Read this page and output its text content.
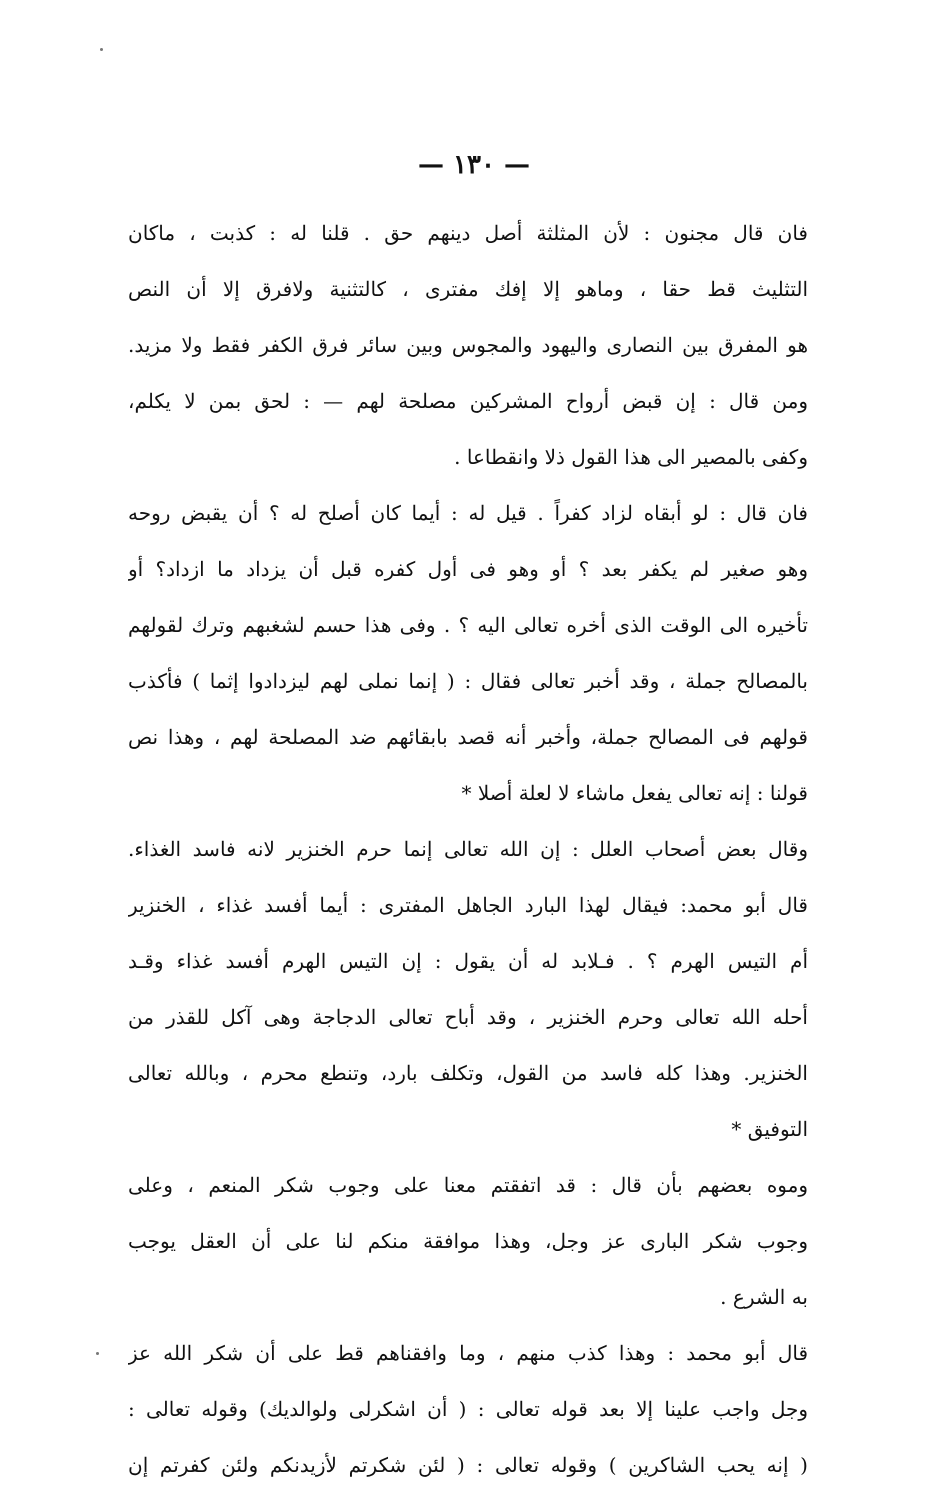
— ١٣٠ —
فان قال مجنون : لأن المثلثة أصل دينهم حق . قلنا له : كذبت ، ماكان
التثليث قط حقا ، وماهو إلا إفك مفترى ، كالتثنية ولافرق إلا أن النص
هو المفرق بين النصارى واليهود والمجوس وبين سائر فرق الكفر فقط ولا مزيد.
ومن قال : إن قبض أرواح المشركين مصلحة لهم — : لحق بمن لا يكلم،
وكفى بالمصير الى هذا القول ذلا وانقطاعا .
فان قال : لو أبقاه لزاد كفراً . قيل له : أيما كان أصلح له ؟ أن يقبض روحه
وهو صغير لم يكفر بعد ؟ أو وهو فى أول كفره قبل أن يزداد ما ازداد؟ أو
تأخيره الى الوقت الذى أخره تعالى اليه ؟ . وفى هذا حسم لشغبهم وترك لقولهم
بالمصالح جملة ، وقد أخبر تعالى فقال : ( إنما نملى لهم ليزدادوا إثما ) فأكذب
قولهم فى المصالح جملة، وأخبر أنه قصد بابقائهم ضد المصلحة لهم ، وهذا نص
قولنا : إنه تعالى يفعل ماشاء لا لعلة أصلا *
وقال بعض أصحاب العلل : إن الله تعالى إنما حرم الخنزير لانه فاسد الغذاء.
قال أبو محمد: فيقال لهذا البارد الجاهل المفترى : أيما أفسد غذاء ، الخنزير
أم التيس الهرم ؟ . فـلابد له أن يقول : إن التيس الهرم أفسد غذاء وقـد
أحله الله تعالى وحرم الخنزير ، وقد أباح تعالى الدجاجة وهى آكل للقذر من
الخنزير. وهذا كله فاسد من القول، وتكلف بارد، وتنطع محرم ، وبالله تعالى
التوفيق *
وموه بعضهم بأن قال : قد اتفقتم معنا على وجوب شكر المنعم ، وعلى
وجوب شكر البارى عز وجل، وهذا موافقة منكم لنا على أن العقل يوجب
به الشرع .
قال أبو محمد : وهذا كذب منهم ، وما وافقناهم قط على أن شكر الله عز
وجل واجب علينا إلا بعد قوله تعالى : ( أن اشكرلى ولوالديك) وقوله تعالى :
( إنه يحب الشاكرين ) وقوله تعالى : ( لئن شكرتم لأزيدنكم ولئن كفرتم إن
